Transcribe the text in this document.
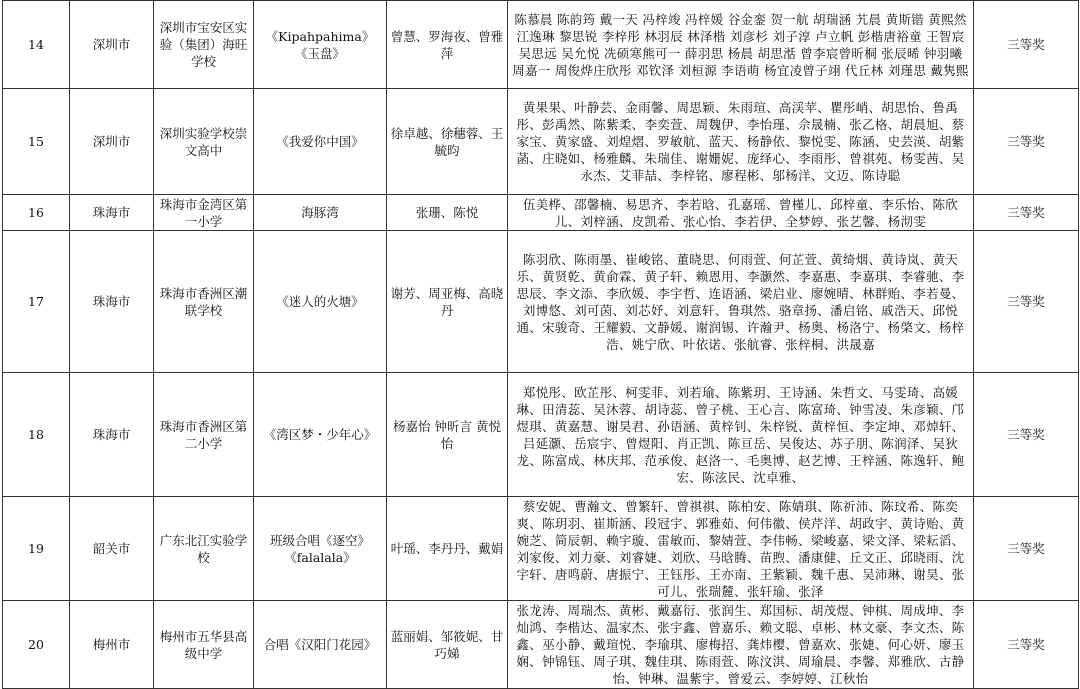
14	深圳市	深圳市宝安区实验（集团）海旺学校	《Kipahpahima》《玉盘》	曾慧、罗海夜、曾雅萍	陈慕晨 陈韵筠 戴一天 冯梓竣 冯梓媛 谷金銮 贺一航 胡瑞涵 艽晨 黄斯锴 黄熙然 江逸琳 黎思锐 李梓彤 林羽辰 林泽楷 刘彦杉 刘子淳 卢立帆 彭楷唐裕童 王智宸 吴思远 吴允悦 冼硕寒熊可一 薛羽思 杨晨 胡思湉 曾李宸曾昕桐 张辰晞 钟羽曦 周嘉一 周俊烨庄欣彤 邓钦泽 刘桓源 李语萌 杨宜凌曾子翊 代丘林 刘瑾思 戴隽熙	三等奖
15	深圳市	深圳实验学校崇文高中	《我爱你中国》	徐卓越、徐穗蓉、王毓昀	黄果果、叶静芸、金雨馨、周思颖、朱雨瑄、高渓苹、瞿彤峭、胡思怡、鲁禹彤、彭禹然、陈紫柔、李奕萱、周魏伊、李怡瑾、佘晟楠、张乙格、胡晨旭、蔡家宝、黄家盛、刘煌熠、罗敏航、蓝天、杨静依、黎悦雯、陈涵、史芸渶、胡紫菡、庄晓如、杨雅麟、朱瑞佳、谢姗妮、庞绎心、李雨彤、曾祺苑、杨雯茜、吴永杰、艾菲喆、李梓铭、廖程彬、邬杨洋、文迈、陈诗聪	三等奖
16	珠海市	珠海市金湾区第一小学	海豚湾	张珊、陈悦	伍美桦、邵馨楠、易思齐、李若晗、孔嘉瑶、曾槿儿、邱梓童、李乐怡、陈欣儿、刘梓涵、皮凯希、张心怡、李若伊、全梦婷、张艺馨、杨沏雯	三等奖
17	珠海市	珠海市香洲区潮联学校	《迷人的火塘》	谢芳、周亚梅、高晓丹	陈羽欣、陈雨墨、崔峻铭、董晓思、何雨萱、何芷萱、黄绮烟、黄诗岚、黄天乐、黄贤乾、黄俞霖、黄子轩、赖恩用、李灏然、李嘉惠、李嘉琪、李睿驰、李思辰、李文添、李欣媛、李宇哲、连语涵、梁启业、廖婉晴、林群贻、李若曼、刘博悠、刘可茵、刘芯妤、刘意轩、鲁琪然、骆章扬、潘启铭、戚浩天、邱悦通、宋骏奇、王耀毅、文静媛、谢润锡、许瀚尹、杨奥、杨洛宁、杨棨文、杨梓浩、姚宁欣、叶依诺、张航睿、张梓桐、洪晟嘉	三等奖
18	珠海市	珠海市香洲区第二小学	《湾区梦・少年心》	杨嘉怡 钟昕言 黄悦怡	郑悦彤、欧芷彤、柯雯菲、刘若瑜、陈紫玥、王诗涵、朱哲文、马雯琦、高媛琳、田清蕊、吴沐蓉、胡诗蕊、曾子桃、王心言、陈富琦、钟雪凌、朱彦颖、邝煜琪、黄嘉慧、谢昊君、孙语涵、黄梓钊、朱梓锐、黄梓恒、李定坤、邓焯轩、吕延灏、岳宸宇、曾煜阳、肖正凯、陈亘岳、吴俊达、苏子朋、陈润泽、吴狄龙、陈富成、林庆邦、范承俊、赵洛一、毛奥博、赵艺博、王梓涵、陈逸轩、鲍 宏、陈泫民、沈卓雅、	三等奖
19	韶关市	广东北江实验学校	班级合唱《逐空》《falalala》	叶瑶、李丹丹、戴娟	蔡安妮、曹瀚文、曾繁轩、曾祺祺、陈柏安、陈婧琪、陈祈沛、陈玟希、陈奕爽、陈玥羽、崔斯涵、段冠宇、郭雅茹、何伟徽、侯芹洋、胡政宇、黄诗贻、黄婉芝、简辰朝、赖宇璇、雷敏而、黎婧萱、李伟畅、梁峻嘉、梁文泽、梁耘滔、刘家俊、刘力豪、刘睿婕、刘欣、马晗腾、苗煦、潘康健、丘文正、邱晓雨、沈宇轩、唐鸣蔚、唐振宁、王钰彤、王亦南、王紫颖、魏千惠、吴沛琳、谢昊、张可儿、张瑞麓、张轩瑜、张泽	三等奖
20	梅州市	梅州市五华县高级中学	合唱《汉阳门花园》	蓝丽娟、邹筱妮、甘巧娣	张龙涛、周瑞杰、黄彬、戴嘉衍、张润生、郑国标、胡茂煜、钟棋、周成坤、李灿鸿、李楷达、温家杰、张宇鑫、曾嘉乐、赖文聪、卓彬、林文豪、李文杰、陈鑫、巫小静、戴瑄悦、李瑜琪、廖梅招、龚炜樱、曾嘉欢、张婕、何心妍、廖玉娴、钟锦钰、周子琪、魏佳琪、陈雨萱、陈汶淇、周瑜晨、李馨、郑雅欣、古静怡、钟琳、温紫宇、曾爱云、李婷婷、江秋怡	三等奖
